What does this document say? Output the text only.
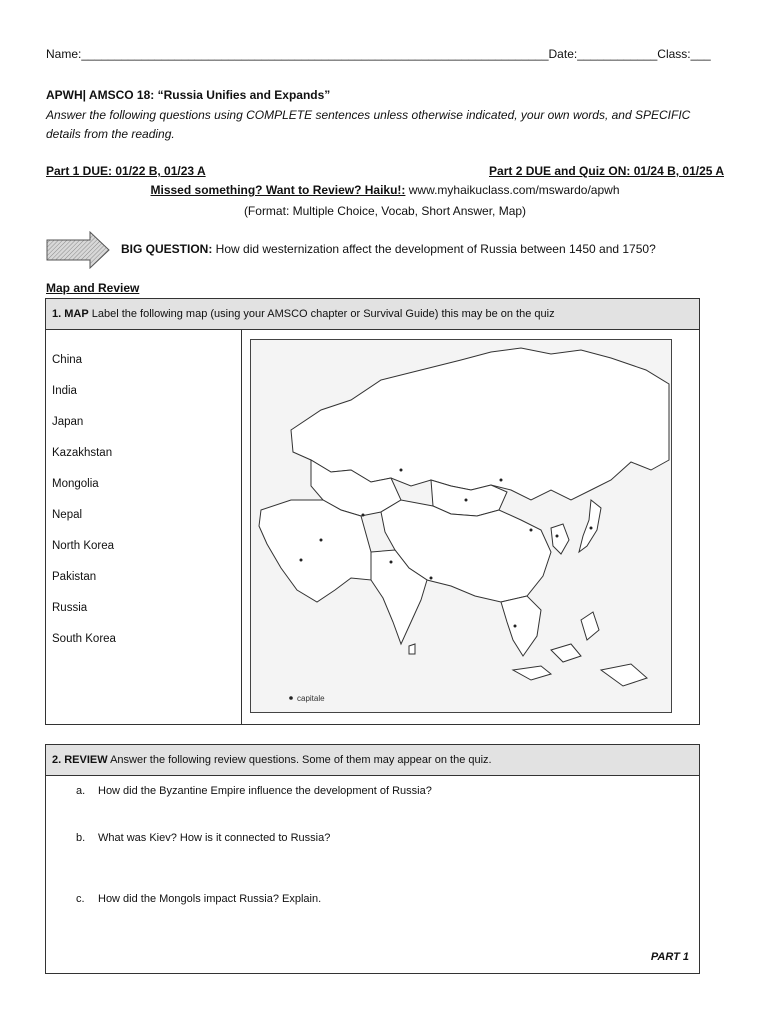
Name:______________________________________________________________________Date:____________Class:___
APWH| AMSCO 18: “Russia Unifies and Expands”
Answer the following questions using COMPLETE sentences unless otherwise indicated, your own words, and SPECIFIC details from the reading.
Part 1 DUE: 01/22 B, 01/23 A	Part 2 DUE and Quiz ON: 01/24 B, 01/25 A
Missed something? Want to Review? Haiku!: www.myhaikuclass.com/mswardo/apwh
(Format: Multiple Choice, Vocab, Short Answer, Map)
BIG QUESTION: How did westernization affect the development of Russia between 1450 and 1750?
Map and Review
1. MAP Label the following map (using your AMSCO chapter or Survival Guide) this may be on the quiz
China
India
Japan
Kazakhstan
Mongolia
Nepal
North Korea
Pakistan
Russia
South Korea
capitale
2. REVIEW Answer the following review questions. Some of them may appear on the quiz.
a. How did the Byzantine Empire influence the development of Russia?
b. What was Kiev? How is it connected to Russia?
c. How did the Mongols impact Russia? Explain.
PART 1
